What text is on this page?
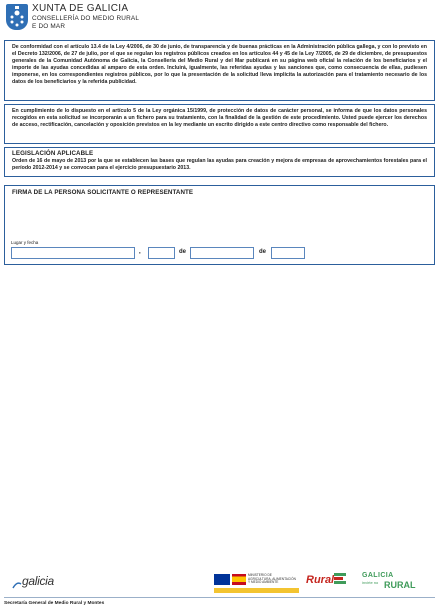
XUNTA DE GALICIA
CONSELLERÍA DO MEDIO RURAL
E DO MAR
De conformidad con el artículo 13.4 de la Ley 4/2006, de 30 de junio, de transparencia y de buenas prácticas en la Administración pública gallega, y con lo previsto en el Decreto 132/2006, de 27 de julio, por el que se regulan los registros públicos creados en los artículos 44 y 45 de la Ley 7/2005, de 29 de diciembre, de presupuestos generales de la Comunidad Autónoma de Galicia, la Consellería del Medio Rural y del Mar publicará en su página web oficial la relación de los beneficiarios y el importe de las ayudas concedidas al amparo de esta orden. Incluirá, igualmente, las referidas ayudas y las sanciones que, como consecuencia de ellas, pudiesen imponerse, en los correspondientes registros públicos, por lo que la presentación de la solicitud lleva implícita la autorización para el tratamiento necesario de los datos de los beneficiarios y la referida publicidad.
En cumplimiento de lo dispuesto en el artículo 5 de la Ley orgánica 15/1999, de protección de datos de carácter personal, se informa de que los datos personales recogidos en esta solicitud se incorporarán a un fichero para su tratamiento, con la finalidad de la gestión de este procedimiento. Usted puede ejercer los derechos de acceso, rectificación, cancelación y oposición previstos en la ley mediante un escrito dirigido a este centro directivo como responsable del fichero.
LEGISLACIÓN APLICABLE
Orden de 16 de mayo de 2013 por la que se establecen las bases que regulan las ayudas para creación y mejora de empresas de aprovechamientos forestales para el período 2012-2014 y se convocan para el ejercicio presupuestario 2013.
FIRMA DE LA PERSONA SOLICITANTE O REPRESENTANTE
Lugar y fecha
,	de	de
galicia	MINISTERIO DE AGRICULTURA, ALIMENTACIÓN Y MEDIO AMBIENTE	Rural	GALICIA
invirte no RURAL
Secretaría General de Medio Rural y Montes
